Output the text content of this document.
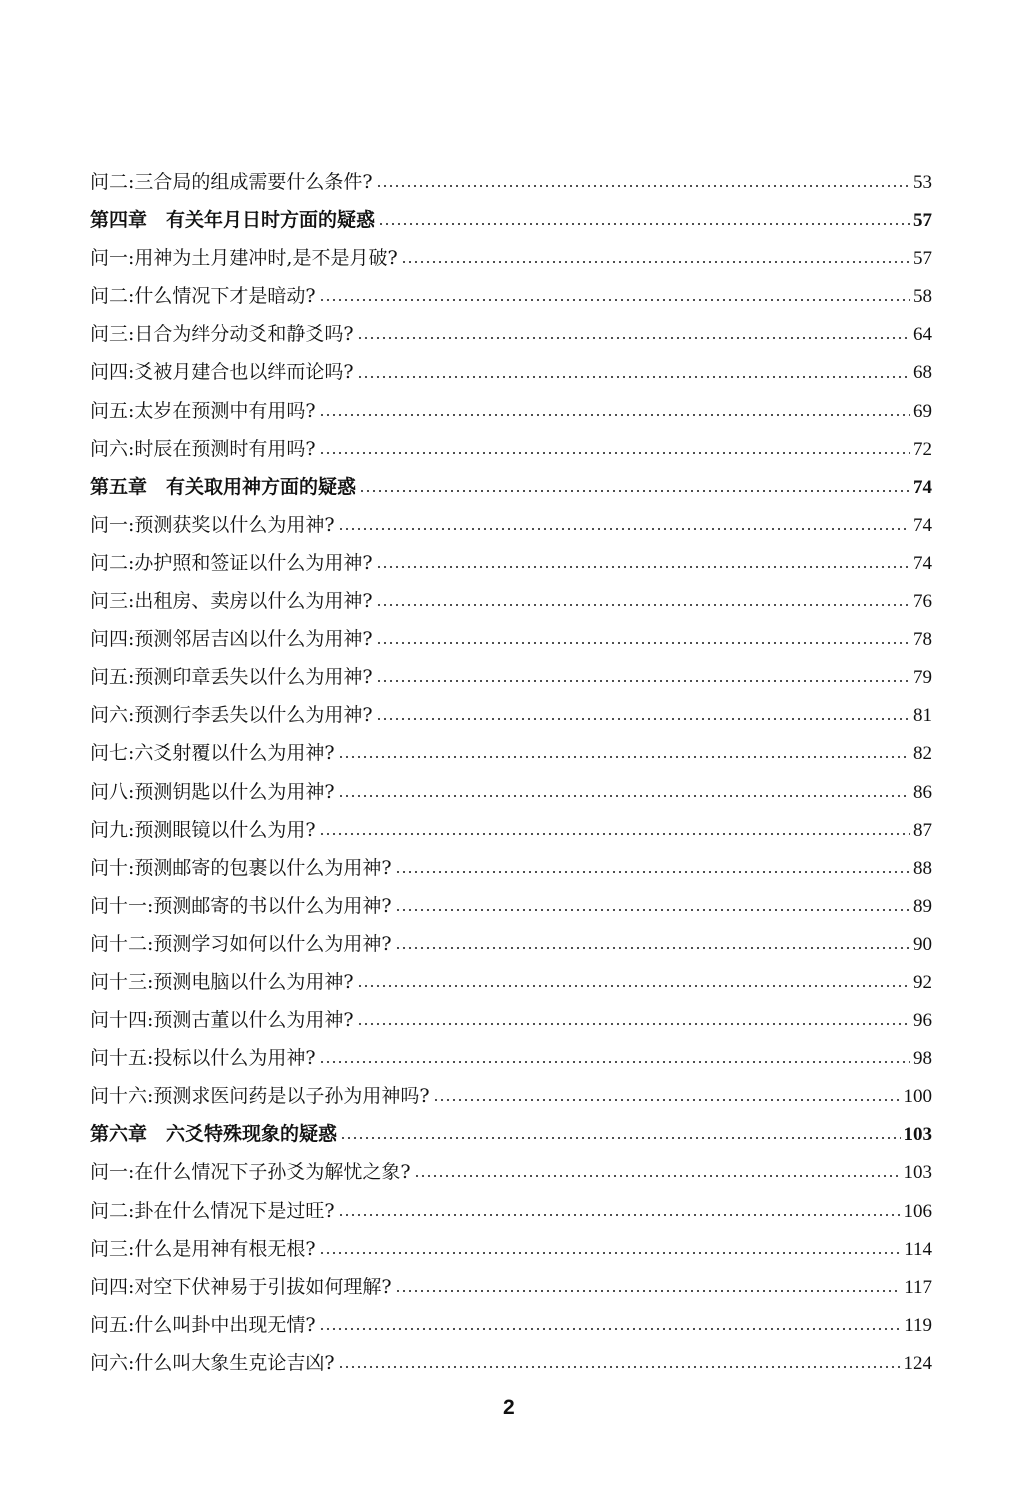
问二:三合局的组成需要什么条件?	53
第四章　有关年月日时方面的疑惑	57
问一:用神为土月建冲时,是不是月破?	57
问二:什么情况下才是暗动?	58
问三:日合为绊分动爻和静爻吗?	64
问四:爻被月建合也以绊而论吗?	68
问五:太岁在预测中有用吗?	69
问六:时辰在预测时有用吗?	72
第五章　有关取用神方面的疑惑	74
问一:预测获奖以什么为用神?	74
问二:办护照和签证以什么为用神?	74
问三:出租房、卖房以什么为用神?	76
问四:预测邻居吉凶以什么为用神?	78
问五:预测印章丢失以什么为用神?	79
问六:预测行李丢失以什么为用神?	81
问七:六爻射覆以什么为用神?	82
问八:预测钥匙以什么为用神?	86
问九:预测眼镜以什么为用?	87
问十:预测邮寄的包裹以什么为用神?	88
问十一:预测邮寄的书以什么为用神?	89
问十二:预测学习如何以什么为用神?	90
问十三:预测电脑以什么为用神?	92
问十四:预测古董以什么为用神?	96
问十五:投标以什么为用神?	98
问十六:预测求医问药是以子孙为用神吗?	100
第六章　六爻特殊现象的疑惑	103
问一:在什么情况下子孙爻为解忧之象?	103
问二:卦在什么情况下是过旺?	106
问三:什么是用神有根无根?	114
问四:对空下伏神易于引拔如何理解?	117
问五:什么叫卦中出现无情?	119
问六:什么叫大象生克论吉凶?	124
2
